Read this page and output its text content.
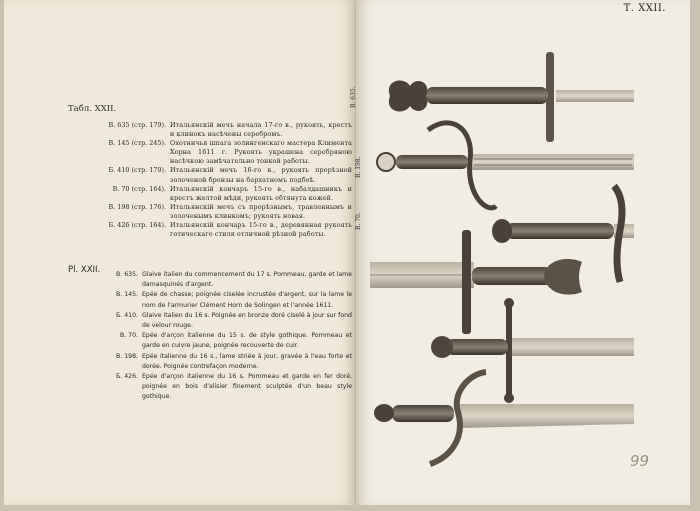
Табл. XXII.
В. 635 (стр. 179). Итальянскій мечъ начала 17-го в., рукоять, крестъ и клинокъ насѣчены серебромъ.
В. 145 (стр. 245). Охотничья шпага золингенскаго мастера Климента Хорна 1611 г. Рукоять украшена серебряною насѣчкою замѣчательно тонкой работы.
Б. 410 (стр. 179). Итальянскій мечъ 16-го в., рукоять прорѣзной золоченой бронзы на бархатномъ подбоѣ.
В. 70 (стр. 164). Итальянскій кончаръ 15-го в., набалдашникъ и крестъ желтой мѣди, рукоять обтянута кожей.
В. 198 (стр. 176). Итальянскій мечъ съ прорѣзнымъ, травленнымъ и золоченымъ клинкомъ; рукоять новая.
Б. 426 (стр. 164). Итальянскій кончаръ 15-го в., деревянная рукоять готическаго стиля отличной рѣзной работы.
Pl. XXII.	B. 635. Glaive italien du commencement du 17 s. Pommeau, garde et lame damasquinés d'argent.
B. 145. Epée de chasse; poignée ciselée incrustée d'argent, sur la lame le nom de l'armurier Clément Horn de Solingen et l'année 1611.
Б. 410. Glaive italien du 16 s. Poignée en bronze doré ciselé à jour sur fond de velour rouge.
B. 70. Epée d'arçon italienne du 15 s. de style gothique. Pommeau et garde en cuivre jaune, poignée recouverte de cuir.
B. 198. Epée italienne du 16 s., lame striée à jour, gravée à l'eau forte et dorée. Poignée contrefaçon moderne.
Б. 426. Epée d'arçon italienne du 16 s. Pommeau et garde en fer doré, poignée en bois d'alisier finement sculptée d'un beau style gothique.
Т. XXII.
В. 635.
В. 198.
В. 70.
99
